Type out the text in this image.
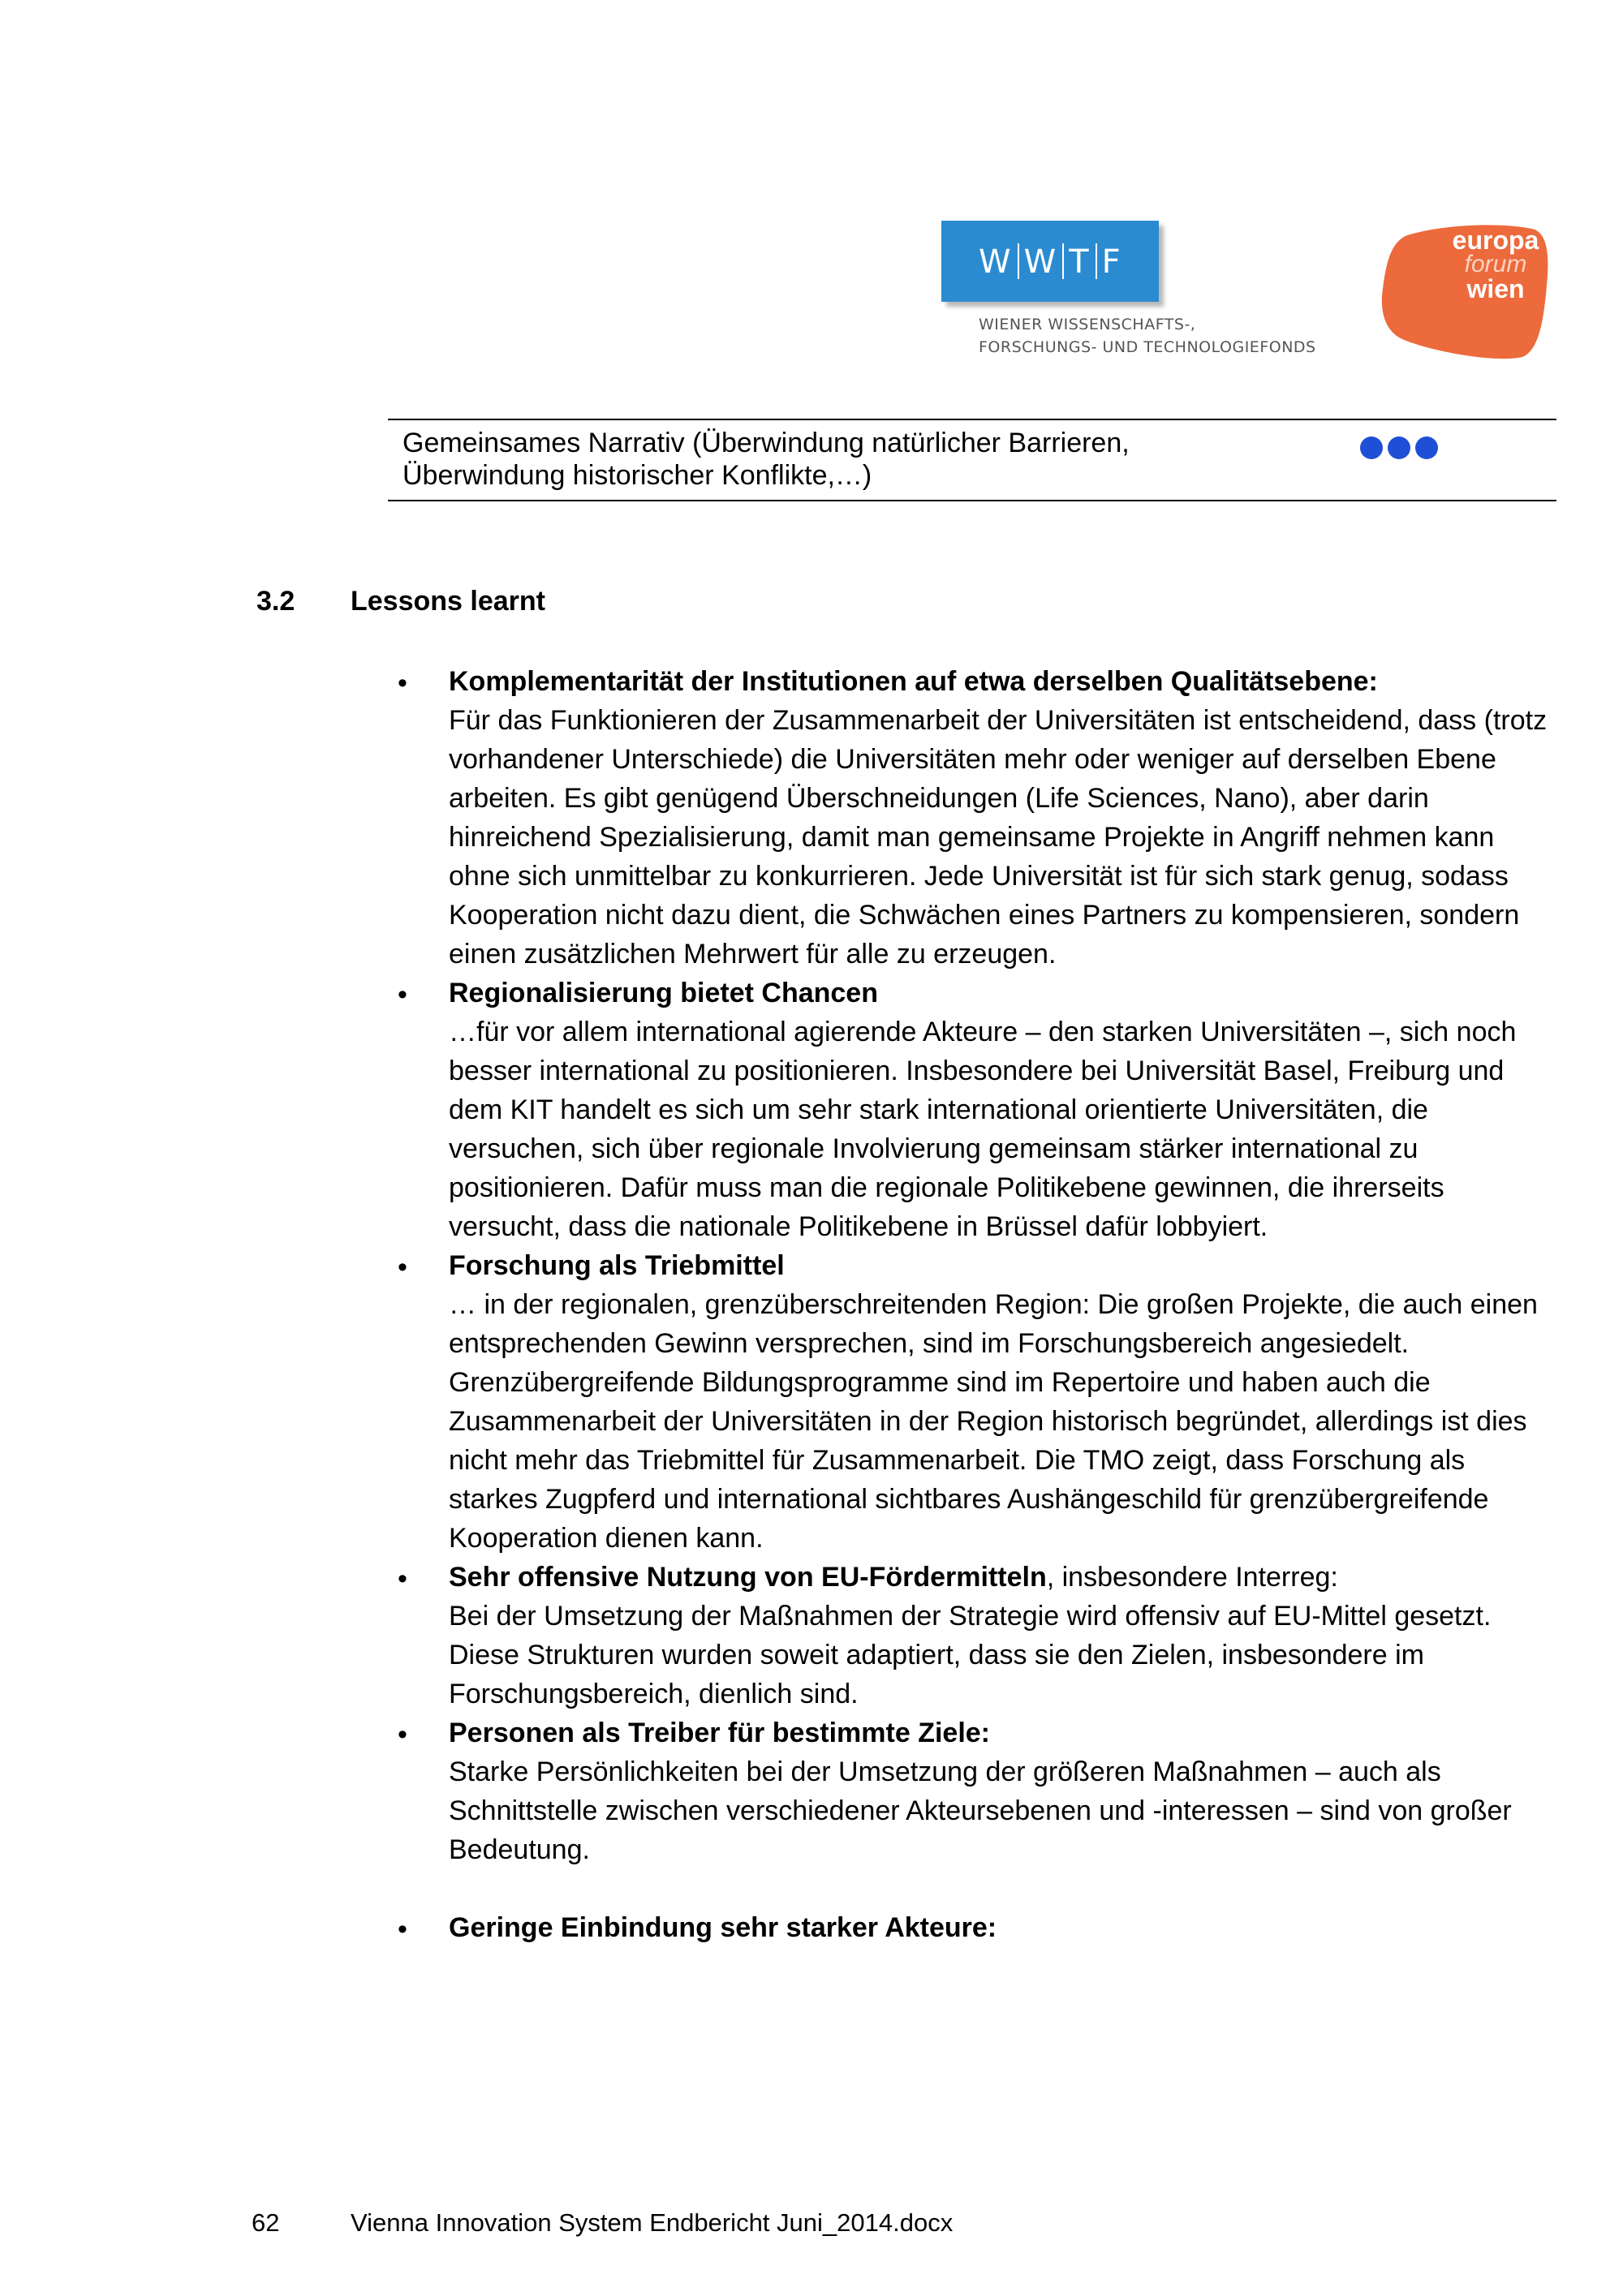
W W T F
WIENER WISSENSCHAFTS-,
FORSCHUNGS- UND TECHNOLOGIEFONDS
europa
forum
wien
Gemeinsames Narrativ (Überwindung natürlicher Barrieren,
Überwindung historischer Konflikte,…)
3.2 Lessons learnt
• Komplementarität der Institutionen auf etwa derselben Qualitätsebene:
Für das Funktionieren der Zusammenarbeit der Universitäten ist entscheidend, dass (trotz vorhandener Unterschiede) die Universitäten mehr oder weniger auf derselben Ebene arbeiten. Es gibt genügend Überschneidungen (Life Sciences, Nano), aber darin hinreichend Spezialisierung, damit man gemeinsame Projekte in Angriff nehmen kann ohne sich unmittelbar zu konkurrieren. Jede Universität ist für sich stark genug, sodass Kooperation nicht dazu dient, die Schwächen eines Partners zu kompensieren, sondern einen zusätzlichen Mehrwert für alle zu erzeugen.
• Regionalisierung bietet Chancen
…für vor allem international agierende Akteure – den starken Universitäten –, sich noch besser international zu positionieren. Insbesondere bei Universität Basel, Freiburg und dem KIT handelt es sich um sehr stark international orientierte Universitäten, die versuchen, sich über regionale Involvierung gemeinsam stärker international zu positionieren. Dafür muss man die regionale Politikebene gewinnen, die ihrerseits versucht, dass die nationale Politikebene in Brüssel dafür lobbyiert.
• Forschung als Triebmittel
… in der regionalen, grenzüberschreitenden Region: Die großen Projekte, die auch einen entsprechenden Gewinn versprechen, sind im Forschungsbereich angesiedelt. Grenzübergreifende Bildungsprogramme sind im Repertoire und haben auch die Zusammenarbeit der Universitäten in der Region historisch begründet, allerdings ist dies nicht mehr das Triebmittel für Zusammenarbeit. Die TMO zeigt, dass Forschung als starkes Zugpferd und international sichtbares Aushängeschild für grenzübergreifende Kooperation dienen kann.
• Sehr offensive Nutzung von EU-Fördermitteln, insbesondere Interreg:
Bei der Umsetzung der Maßnahmen der Strategie wird offensiv auf EU-Mittel gesetzt. Diese Strukturen wurden soweit adaptiert, dass sie den Zielen, insbesondere im Forschungsbereich, dienlich sind.
• Personen als Treiber für bestimmte Ziele:
Starke Persönlichkeiten bei der Umsetzung der größeren Maßnahmen – auch als Schnittstelle zwischen verschiedener Akteursebenen und -interessen – sind von großer Bedeutung.
• Geringe Einbindung sehr starker Akteure:
62	Vienna Innovation System Endbericht Juni_2014.docx
